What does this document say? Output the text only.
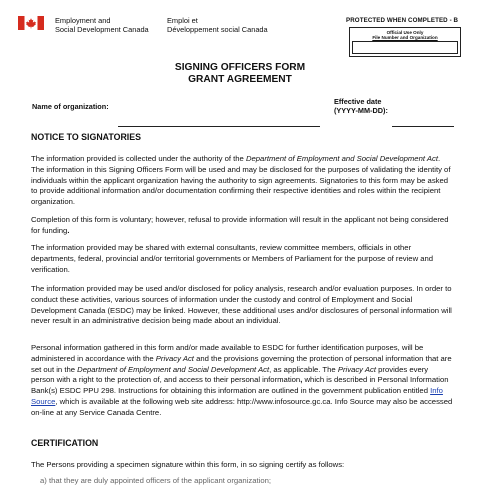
Employment and
Social Development Canada
Emploi et
Développement social Canada
PROTECTED WHEN COMPLETED - B
Official Use Only
File Number and Organization
SIGNING OFFICERS FORM
GRANT AGREEMENT
Name of organization:
Effective date
(YYYY-MM-DD):
NOTICE TO SIGNATORIES

The information provided is collected under the authority of the Department of Employment and Social Development Act. The information in this Signing Officers Form will be used and may be disclosed for the purposes of validating the identity of individuals within the applicant organization having the authority to sign agreements. Signatories to this form may be asked to provide additional information and/or documentation confirming their respective identities and roles within the recipient organization.

Completion of this form is voluntary; however, refusal to provide information will result in the applicant not being considered for funding.

The information provided may be shared with external consultants, review committee members, officials in other departments, federal, provincial and/or territorial governments or Members of Parliament for the purpose of review and verification.

The information provided may be used and/or disclosed for policy analysis, research and/or evaluation purposes. In order to conduct these activities, various sources of information under the custody and control of Employment and Social Development Canada (ESDC) may be linked. However, these additional uses and/or disclosures of personal information will never result in an administrative decision being made about an individual.

Personal information gathered in this form and/or made available to ESDC for further identification purposes, will be administered in accordance with the Privacy Act and the provisions governing the protection of personal information that are set out in the Department of Employment and Social Development Act, as applicable. The Privacy Act provides every person with a right to the protection of, and access to their personal information, which is described in Personal Information Bank(s) ESDC PPU 298. Instructions for obtaining this information are outlined in the government publication entitled Info Source, which is available at the following web site address: http://www.infosource.gc.ca. Info Source may also be accessed on-line at any Service Canada Centre.

CERTIFICATION

The Persons providing a specimen signature within this form, in so signing certify as follows:

a) that they are duly appointed officers of the applicant organization;
